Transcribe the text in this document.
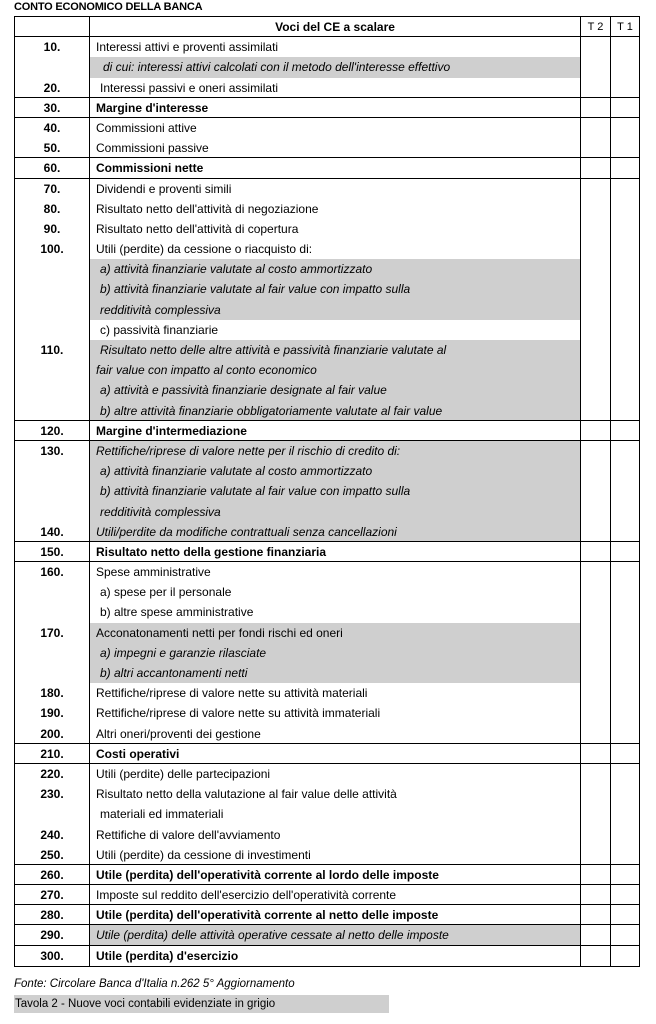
CONTO ECONOMICO DELLA BANCA
Voci del CE a scalare	T 2	T 1
10.	Interessi attivi e proventi assimilati
di cui: interessi attivi calcolati con il metodo dell'interesse effettivo
20.	Interessi passivi e oneri assimilati
30.	Margine d'interesse
40.	Commissioni attive
50.	Commissioni passive
60.	Commissioni nette
70.	Dividendi e proventi simili
80.	Risultato netto dell'attività di negoziazione
90.	Risultato netto dell'attività di copertura
100.	Utili (perdite) da cessione o riacquisto di:
a) attività finanziarie valutate al costo ammortizzato
b) attività finanziarie valutate al fair value con impatto sulla
redditività complessiva
c) passività finanziarie
110.	Risultato netto delle altre attività e passività finanziarie valutate al
fair value con impatto al conto economico
a) attività e passività finanziarie designate al fair value
b) altre attività finanziarie obbligatoriamente valutate al fair value
120.	Margine d'intermediazione
130.	Rettifiche/riprese di valore nette per il rischio di credito di:
a) attività finanziarie valutate al costo ammortizzato
b) attività finanziarie valutate al fair value con impatto sulla
redditività complessiva
140.	Utili/perdite da modifiche contrattuali senza cancellazioni
150.	Risultato netto della gestione finanziaria
160.	Spese amministrative
a) spese per il personale
b) altre spese amministrative
170.	Acconatonamenti netti per fondi rischi ed oneri
a) impegni e garanzie rilasciate
b) altri accantonamenti netti
180.	Rettifiche/riprese di valore nette su attività materiali
190.	Rettifiche/riprese di valore nette su attività immateriali
200.	Altri oneri/proventi dei gestione
210.	Costi operativi
220.	Utili (perdite) delle partecipazioni
230.	Risultato netto della valutazione al fair value delle attività
materiali ed immateriali
240.	Rettifiche di valore dell'avviamento
250.	Utili (perdite) da cessione di investimenti
260.	Utile (perdita) dell'operatività corrente al lordo delle imposte
270.	Imposte sul reddito dell'esercizio dell'operatività corrente
280.	Utile (perdita) dell'operatività corrente al netto delle imposte
290.	Utile (perdita) delle attività operative cessate al netto delle imposte
300.	Utile (perdita) d'esercizio
Fonte: Circolare Banca d'Italia n.262 5° Aggiornamento
Tavola 2 - Nuove voci contabili evidenziate in grigio
